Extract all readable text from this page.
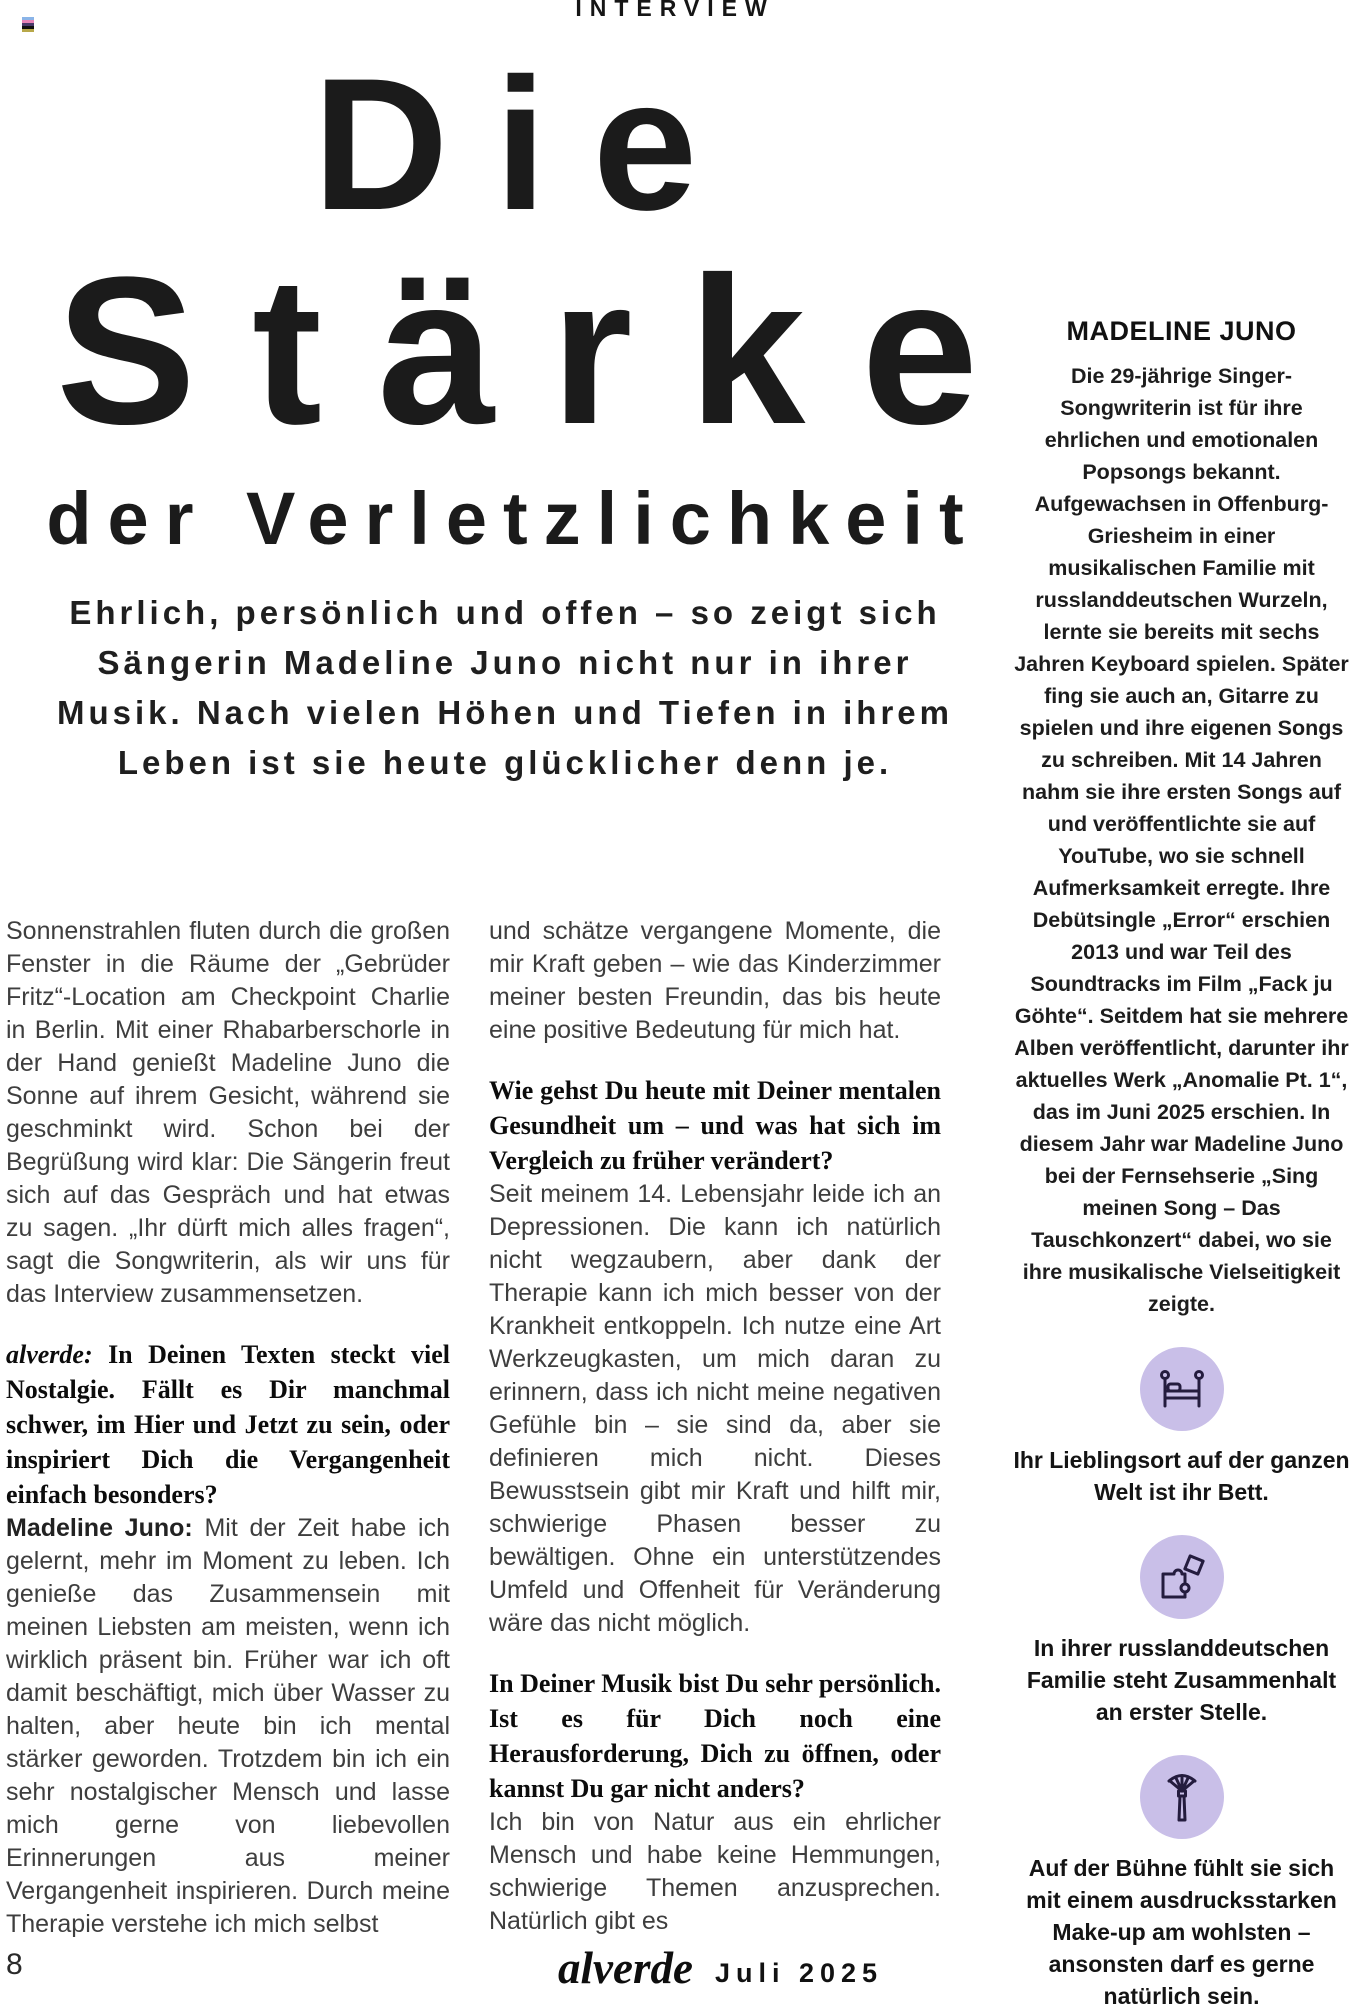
INTERVIEW
Die
Stärke
der Verletzlichkeit
Ehrlich, persönlich und offen – so zeigt sich Sängerin Madeline Juno nicht nur in ihrer Musik. Nach vielen Höhen und Tiefen in ihrem Leben ist sie heute glücklicher denn je.

Sonnenstrahlen fluten durch die großen Fenster in die Räume der „Gebrüder Fritz“-Location am Checkpoint Charlie in Berlin. Mit einer Rhabarberschorle in der Hand genießt Madeline Juno die Sonne auf ihrem Gesicht, während sie geschminkt wird. Schon bei der Begrüßung wird klar: Die Sängerin freut sich auf das Gespräch und hat etwas zu sagen. „Ihr dürft mich alles fragen“, sagt die Songwriterin, als wir uns für das Interview zusammensetzen.

alverde: In Deinen Texten steckt viel Nostalgie. Fällt es Dir manchmal schwer, im Hier und Jetzt zu sein, oder inspiriert Dich die Vergangenheit einfach besonders?

Madeline Juno: Mit der Zeit habe ich gelernt, mehr im Moment zu leben. Ich genieße das Zusammensein mit meinen Liebsten am meisten, wenn ich wirklich präsent bin. Früher war ich oft damit beschäftigt, mich über Wasser zu halten, aber heute bin ich mental stärker geworden. Trotzdem bin ich ein sehr nostalgischer Mensch und lasse mich gerne von liebevollen Erinnerungen aus meiner Vergangenheit inspirieren. Durch meine Therapie verstehe ich mich selbst

und schätze vergangene Momente, die mir Kraft geben – wie das Kinderzimmer meiner besten Freundin, das bis heute eine positive Bedeutung für mich hat.

Wie gehst Du heute mit Deiner mentalen Gesundheit um – und was hat sich im Vergleich zu früher verändert?

Seit meinem 14. Lebensjahr leide ich an Depressionen. Die kann ich natürlich nicht wegzaubern, aber dank der Therapie kann ich mich besser von der Krankheit entkoppeln. Ich nutze eine Art Werkzeugkasten, um mich daran zu erinnern, dass ich nicht meine negativen Gefühle bin – sie sind da, aber sie definieren mich nicht. Dieses Bewusstsein gibt mir Kraft und hilft mir, schwierige Phasen besser zu bewältigen. Ohne ein unterstützendes Umfeld und Offenheit für Veränderung wäre das nicht möglich.

In Deiner Musik bist Du sehr persönlich. Ist es für Dich noch eine Herausforderung, Dich zu öffnen, oder kannst Du gar nicht anders?

Ich bin von Natur aus ein ehrlicher Mensch und habe keine Hemmungen, schwierige Themen anzusprechen. Natürlich gibt es

MADELINE JUNO
Die 29-jährige Singer-Songwriterin ist für ihre ehrlichen und emotionalen Popsongs bekannt. Aufgewachsen in Offenburg-Griesheim in einer musikalischen Familie mit russlanddeutschen Wurzeln, lernte sie bereits mit sechs Jahren Keyboard spielen. Später fing sie auch an, Gitarre zu spielen und ihre eigenen Songs zu schreiben. Mit 14 Jahren nahm sie ihre ersten Songs auf und veröffentlichte sie auf YouTube, wo sie schnell Aufmerksamkeit erregte. Ihre Debütsingle „Error“ erschien 2013 und war Teil des Soundtracks im Film „Fack ju Göhte“. Seitdem hat sie mehrere Alben veröffentlicht, darunter ihr aktuelles Werk „Anomalie Pt. 1“, das im Juni 2025 erschien. In diesem Jahr war Madeline Juno bei der Fernsehserie „Sing meinen Song – Das Tauschkonzert“ dabei, wo sie ihre musikalische Vielseitigkeit zeigte.
Ihr Lieblingsort auf der ganzen Welt ist ihr Bett.
In ihrer russlanddeutschen Familie steht Zusammenhalt an erster Stelle.
Auf der Bühne fühlt sie sich mit einem ausdrucksstarken Make-up am wohlsten – ansonsten darf es gerne natürlich sein.
8	alverde Juli 2025
